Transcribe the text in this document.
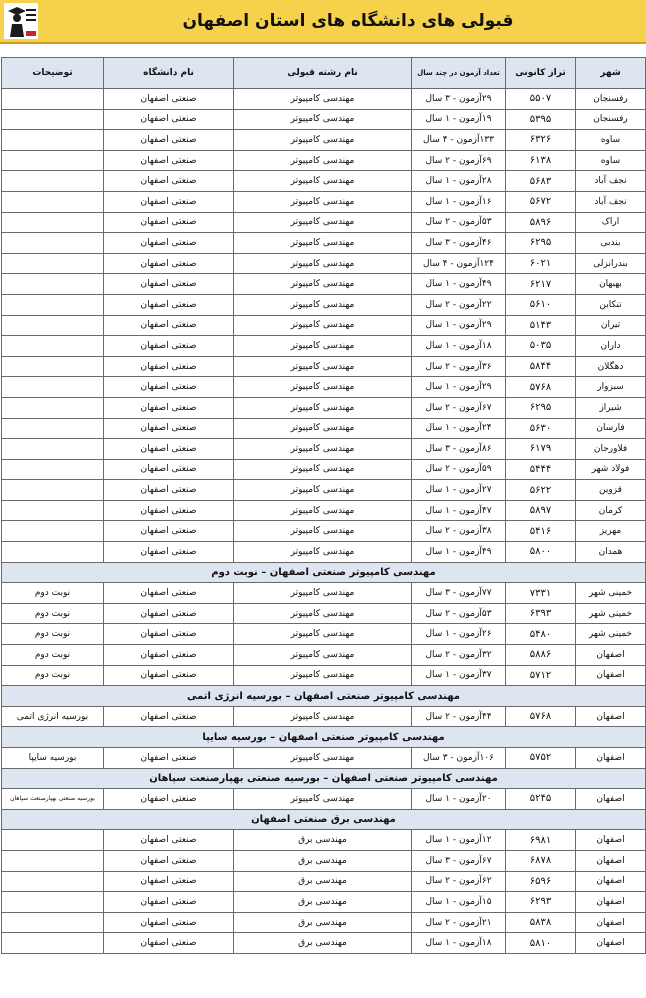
قبولی های دانشگاه های استان اصفهان
شهر	تراز کانونی	تعداد آزمون در چند سال	نام رشته قبولی	نام دانشگاه	توضیحات
رفسنجان	۵۵۰۷	۲۹آزمون - ۳ سال	مهندسی کامپیوتر	صنعتی اصفهان	
رفسنجان	۵۳۹۵	۱۹آزمون - ۱ سال	مهندسی کامپیوتر	صنعتی اصفهان	
ساوه	۶۳۲۶	۱۳۳آزمون - ۴ سال	مهندسی کامپیوتر	صنعتی اصفهان	
ساوه	۶۱۳۸	۶۹آزمون - ۲ سال	مهندسی کامپیوتر	صنعتی اصفهان	
نجف آباد	۵۶۸۳	۲۸آزمون - ۱ سال	مهندسی کامپیوتر	صنعتی اصفهان	
نجف آباد	۵۶۷۲	۱۶آزمون - ۱ سال	مهندسی کامپیوتر	صنعتی اصفهان	
اراک	۵۸۹۶	۵۳آزمون - ۲ سال	مهندسی کامپیوتر	صنعتی اصفهان	
بندبی	۶۲۹۵	۴۶آزمون - ۳ سال	مهندسی کامپیوتر	صنعتی اصفهان	
بندرانزلی	۶۰۲۱	۱۲۴آزمون - ۴ سال	مهندسی کامپیوتر	صنعتی اصفهان	
بهبهان	۶۲۱۷	۴۹آزمون - ۱ سال	مهندسی کامپیوتر	صنعتی اصفهان	
تنکابن	۵۶۱۰	۲۲آزمون - ۲ سال	مهندسی کامپیوتر	صنعتی اصفهان	
تیران	۵۱۴۳	۲۹آزمون - ۱ سال	مهندسی کامپیوتر	صنعتی اصفهان	
داران	۵۰۳۵	۱۸آزمون - ۱ سال	مهندسی کامپیوتر	صنعتی اصفهان	
دهگلان	۵۸۴۴	۳۶آزمون - ۲ سال	مهندسی کامپیوتر	صنعتی اصفهان	
سبزوار	۵۷۶۸	۲۹آزمون - ۱ سال	مهندسی کامپیوتر	صنعتی اصفهان	
شیراز	۶۲۹۵	۶۷آزمون - ۲ سال	مهندسی کامپیوتر	صنعتی اصفهان	
فارسان	۵۶۳۰	۲۴آزمون - ۱ سال	مهندسی کامپیوتر	صنعتی اصفهان	
فلاورجان	۶۱۷۹	۸۶آزمون - ۳ سال	مهندسی کامپیوتر	صنعتی اصفهان	
فولاد شهر	۵۴۴۴	۵۹آزمون - ۲ سال	مهندسی کامپیوتر	صنعتی اصفهان	
قزوین	۵۶۲۲	۲۷آزمون - ۱ سال	مهندسی کامپیوتر	صنعتی اصفهان	
کرمان	۵۸۹۷	۴۷آزمون - ۱ سال	مهندسی کامپیوتر	صنعتی اصفهان	
مهریز	۵۴۱۶	۳۸آزمون - ۲ سال	مهندسی کامپیوتر	صنعتی اصفهان	
همدان	۵۸۰۰	۴۹آزمون - ۱ سال	مهندسی کامپیوتر	صنعتی اصفهان	
مهندسی کامپیوتر صنعتی اصفهان – نوبت دوم					
خمینی شهر	۷۳۳۱	۷۷آزمون - ۳ سال	مهندسی کامپیوتر	صنعتی اصفهان	نوبت دوم
خمینی شهر	۶۳۹۳	۵۳آزمون - ۲ سال	مهندسی کامپیوتر	صنعتی اصفهان	نوبت دوم
خمینی شهر	۵۴۸۰	۲۶آزمون - ۱ سال	مهندسی کامپیوتر	صنعتی اصفهان	نوبت دوم
اصفهان	۵۸۸۶	۳۲آزمون - ۲ سال	مهندسی کامپیوتر	صنعتی اصفهان	نوبت دوم
اصفهان	۵۷۱۲	۳۷آزمون - ۱ سال	مهندسی کامپیوتر	صنعتی اصفهان	نوبت دوم
مهندسی کامپیوتر صنعتی اصفهان – بورسیه انرژی اتمی					
اصفهان	۵۷۶۸	۴۴آزمون - ۲ سال	مهندسی کامپیوتر	صنعتی اصفهان	بورسیه انرژی اتمی
مهندسی کامپیوتر صنعتی اصفهان – بورسیه سایپا					
اصفهان	۵۷۵۲	۱۰۶آزمون - ۳ سال	مهندسی کامپیوتر	صنعتی اصفهان	بورسیه سایپا
مهندسی کامپیوتر صنعتی اصفهان – بورسیه صنعتی بهپارصنعت سپاهان					
اصفهان	۵۲۴۵	۲۰آزمون - ۱ سال	مهندسی کامپیوتر	صنعتی اصفهان	بورسیه صنعتی بهپارصنعت سپاهان
مهندسی برق صنعتی اصفهان					
اصفهان	۶۹۸۱	۱۲آزمون - ۱ سال	مهندسی برق	صنعتی اصفهان	
اصفهان	۶۸۷۸	۶۷آزمون - ۳ سال	مهندسی برق	صنعتی اصفهان	
اصفهان	۶۵۹۶	۶۲آزمون - ۲ سال	مهندسی برق	صنعتی اصفهان	
اصفهان	۶۲۹۳	۱۵آزمون - ۱ سال	مهندسی برق	صنعتی اصفهان	
اصفهان	۵۸۳۸	۲۱آزمون - ۲ سال	مهندسی برق	صنعتی اصفهان	
اصفهان	۵۸۱۰	۱۸آزمون - ۱ سال	مهندسی برق	صنعتی اصفهان	
